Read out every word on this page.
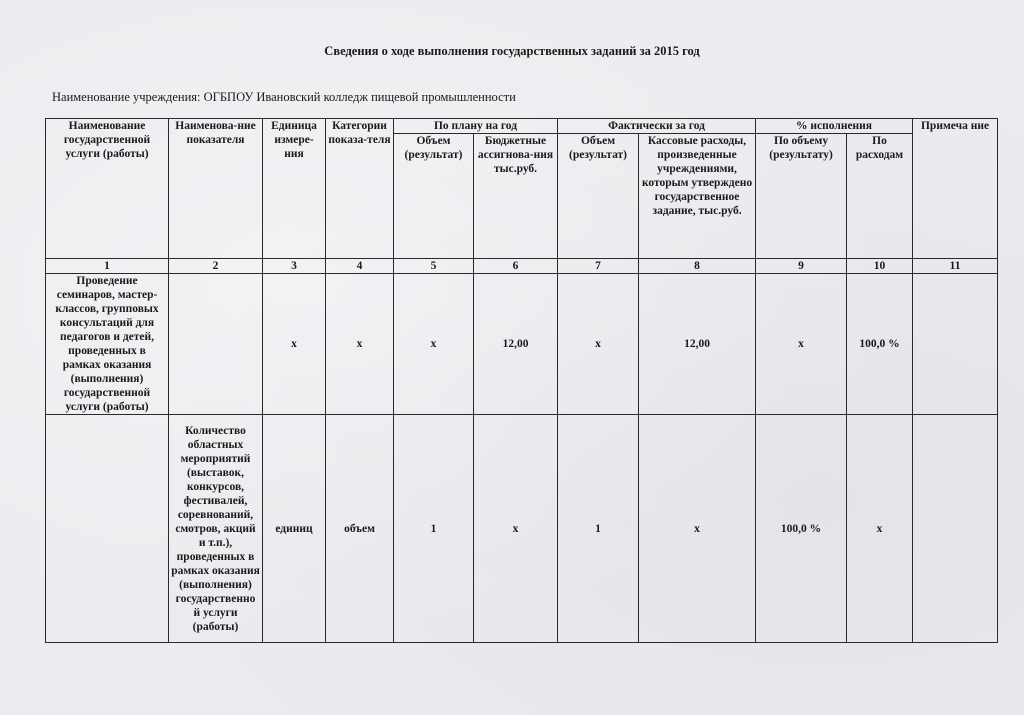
Сведения о ходе выполнения государственных заданий за 2015 год
Наименование учреждения: ОГБПОУ Ивановский колледж пищевой промышленности
Наименование государственной услуги (работы)	Наименова-ние показателя	Единица измере-ния	Категории показа-теля	По плану на год		Фактически за год		% исполнения		Примеча ние
				Объем (результат)	Бюджетные ассигнова-ния тыс.руб.	Объем (результат)	Кассовые расходы, произведенные учреждениями, которым утверждено государственное задание, тыс.руб.	По объему (результату)	По расходам	
1	2	3	4	5	6	7	8	9	10	11
Проведение семинаров, мастер-классов, групповых консультаций для педагогов и детей, проведенных в рамках оказания (выполнения) государственной услуги (работы)		х	х	х	12,00	х	12,00	х	100,0 %	
	Количество областных мероприятий (выставок, конкурсов, фестивалей, соревнований, смотров, акций и т.п.), проведенных в рамках оказания (выполнения) государственно й услуги (работы)	единиц	объем	1	х	1	х	100,0 %	х	
